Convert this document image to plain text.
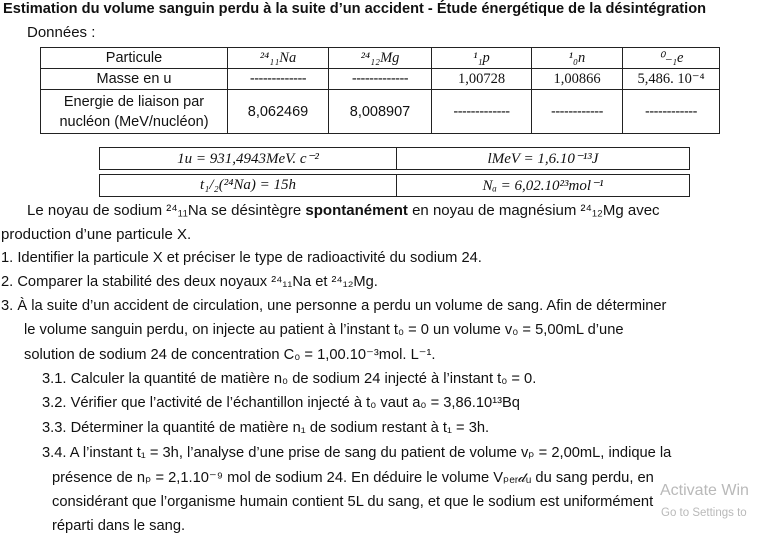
Estimation du volume sanguin perdu à la suite d’un accident - Étude énergétique de la désintégration
Données :
Particule	²⁴₁₁Na	²⁴₁₂Mg	¹₁p	¹₀n	⁰₋₁e
Masse en u	-------------	-------------	1,00728	1,00866	5,486. 10⁻⁴

Energie de liaison par
nucléon (MeV/nucléon)	8,062469	8,008907	-------------	------------	------------
1u = 931,4943MeV. c⁻²	lMeV = 1,6.10⁻¹³J
t₁/₂(²⁴Na) = 15h	Nₐ = 6,02.10²³mol⁻¹
Le noyau de sodium ²⁴₁₁Na se désintègre spontanément en noyau de magnésium ²⁴₁₂Mg avec
production d’une particule X.
1. Identifier la particule X et préciser le type de radioactivité du sodium 24.
2. Comparer la stabilité des deux noyaux ²⁴₁₁Na et ²⁴₁₂Mg.
3. À la suite d’un accident de circulation, une personne a perdu un volume de sang. Afin de déterminer
le volume sanguin perdu, on injecte au patient à l’instant t₀ = 0 un volume v₀ = 5,00mL d’une
solution de sodium 24 de concentration C₀ = 1,00.10⁻³mol. L⁻¹.
3.1. Calculer la quantité de matière n₀ de sodium 24 injecté à l’instant t₀ = 0.
3.2. Vérifier que l’activité de l’échantillon injecté à t₀ vaut a₀ = 3,86.10¹³Bq
3.3. Déterminer la quantité de matière n₁ de sodium restant à t₁ = 3h.
3.4. A l’instant t₁ = 3h, l’analyse d’une prise de sang du patient de volume vₚ = 2,00mL, indique la
présence de nₚ = 2,1.10⁻⁹ mol de sodium 24. En déduire le volume Vₚₑᵣ𝒹ᵤ du sang perdu, en
considérant que l’organisme humain contient 5L du sang, et que le sodium est uniformément
réparti dans le sang.
Activate Win
Go to Settings to
